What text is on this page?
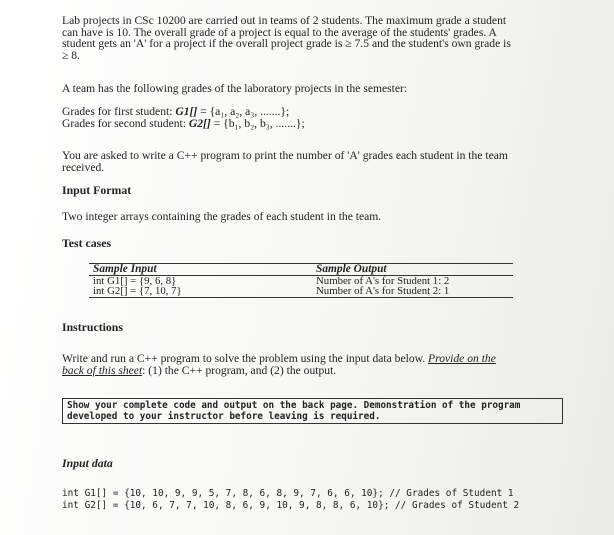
Lab projects in CSc 10200 are carried out in teams of 2 students. The maximum grade a student
can have is 10. The overall grade of a project is equal to the average of the students' grades. A
student gets an 'A' for a project if the overall project grade is ≥ 7.5 and the student's own grade is
≥ 8.
A team has the following grades of the laboratory projects in the semester:
Grades for first student: G1[] = {a₁, a₂, a₃, .......};
Grades for second student: G2[] = {b₁, b₂, b₃, .......};
You are asked to write a C++ program to print the number of 'A' grades each student in the team
received.
Input Format
Two integer arrays containing the grades of each student in the team.
Test cases
Sample Input	Sample Output
int G1[] = {9, 6, 8}	Number of A's for Student 1: 2
int G2[] = {7, 10, 7}	Number of A's for Student 2: 1
Instructions
Write and run a C++ program to solve the problem using the input data below. Provide on the
back of this sheet: (1) the C++ program, and (2) the output.
Show your complete code and output on the back page. Demonstration of the program
developed to your instructor before leaving is required.
Input data
int G1[] = {10, 10, 9, 9, 5, 7, 8, 6, 8, 9, 7, 6, 6, 10}; // Grades of Student 1
int G2[] = {10, 6, 7, 7, 10, 8, 6, 9, 10, 9, 8, 8, 6, 10}; // Grades of Student 2
